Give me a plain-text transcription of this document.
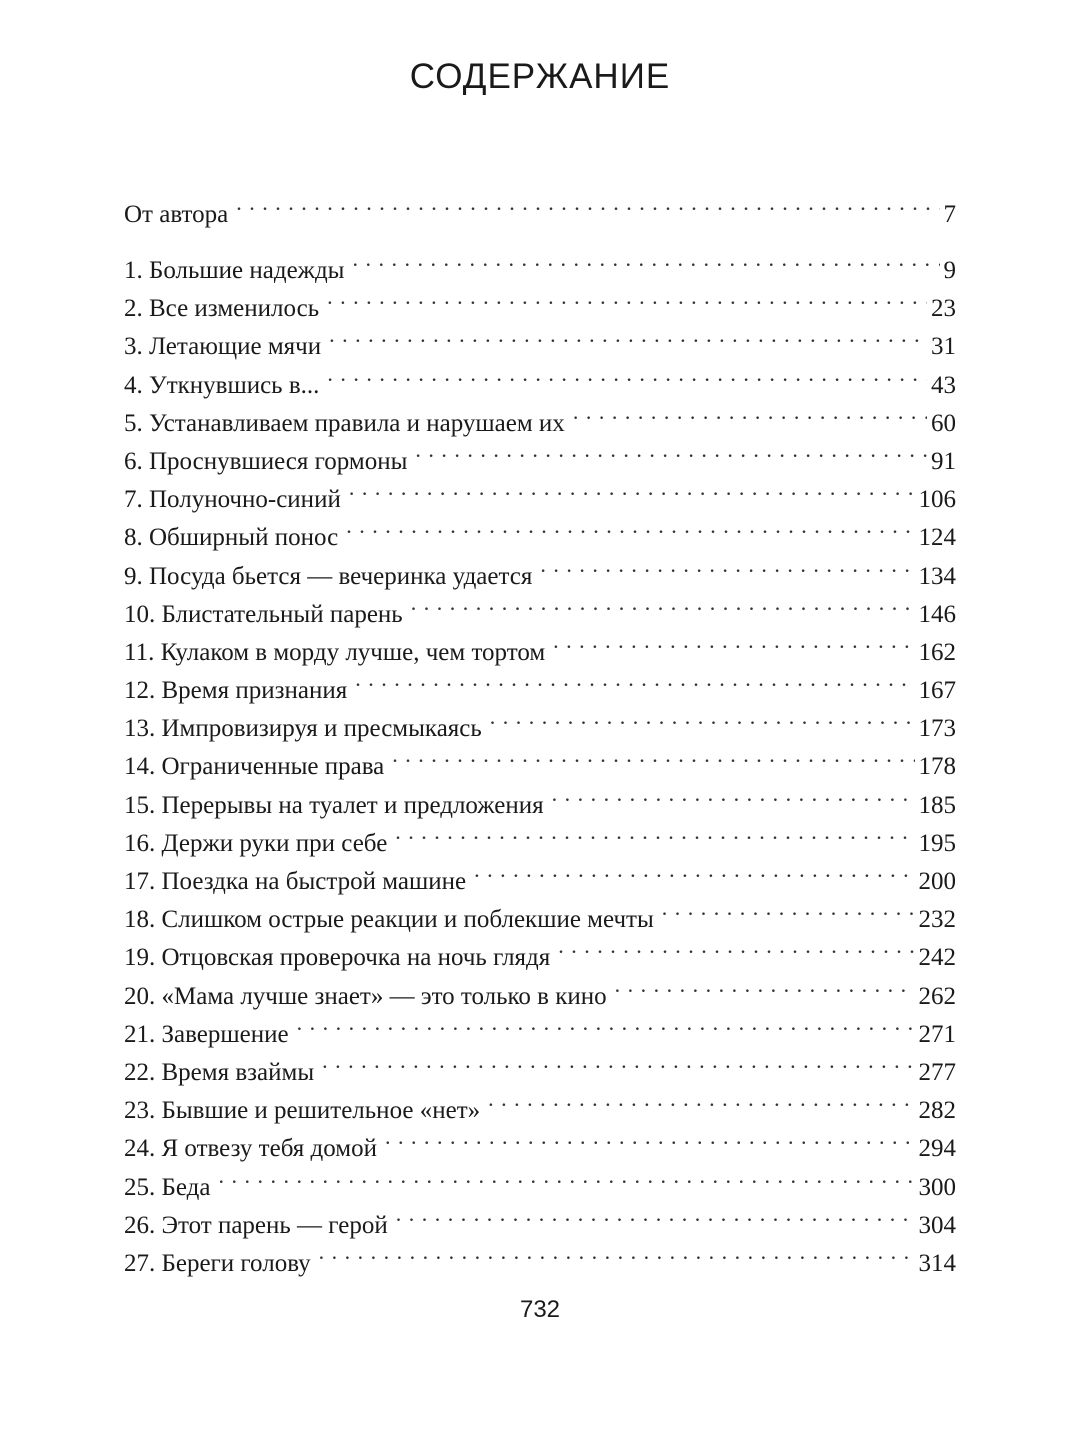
СОДЕРЖАНИЕ
От автора . . .	7
1. Большие надежды . . .	9
2. Все изменилось . . .	23
3. Летающие мячи . . .	31
4. Уткнувшись в... . . .	43
5. Устанавливаем правила и нарушаем их . . .	60
6. Проснувшиеся гормоны . . .	91
7. Полуночно-синий . . .	106
8. Обширный понос . . .	124
9. Посуда бьется — вечеринка удается . . .	134
10. Блистательный парень . . .	146
11. Кулаком в морду лучше, чем тортом . . .	162
12. Время признания . . .	167
13. Импровизируя и пресмыкаясь . . .	173
14. Ограниченные права . . .	178
15. Перерывы на туалет и предложения . . .	185
16. Держи руки при себе . . .	195
17. Поездка на быстрой машине . . .	200
18. Слишком острые реакции и поблекшие мечты . . .	232
19. Отцовская проверочка на ночь глядя . . .	242
20. «Мама лучше знает» — это только в кино . . .	262
21. Завершение . . .	271
22. Время взаймы . . .	277
23. Бывшие и решительное «нет» . . .	282
24. Я отвезу тебя домой . . .	294
25. Беда . . .	300
26. Этот парень — герой . . .	304
27. Береги голову . . .	314
732
